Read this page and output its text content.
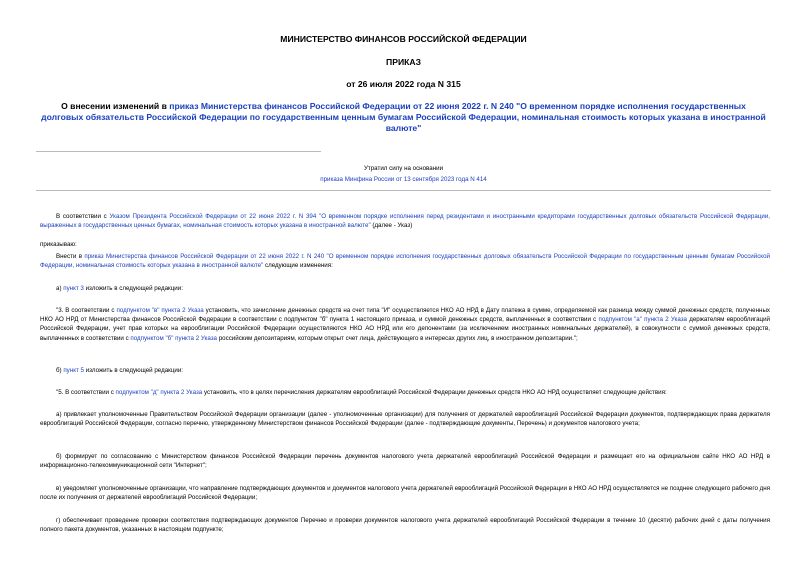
МИНИСТЕРСТВО ФИНАНСОВ РОССИЙСКОЙ ФЕДЕРАЦИИ
ПРИКАЗ
от 26 июля 2022 года N 315
О внесении изменений в приказ Министерства финансов Российской Федерации от 22 июня 2022 г. N 240 "О временном порядке исполнения государственных долговых обязательств Российской Федерации по государственным ценным бумагам Российской Федерации, номинальная стоимость которых указана в иностранной валюте"
Утратил силу на основании
приказа Минфина России от 13 сентября 2023 года N 414
В соответствии с Указом Президента Российской Федерации от 22 июня 2022 г. N 394 "О временном порядке исполнения перед резидентами и иностранными кредиторами государственных долговых обязательств Российской Федерации, выраженных в государственных ценных бумагах, номинальная стоимость которых указана в иностранной валюте" (далее - Указ)
приказываю:
Внести в приказ Министерства финансов Российской Федерации от 22 июня 2022 г. N 240 "О временном порядке исполнения государственных долговых обязательств Российской Федерации по государственным ценным бумагам Российской Федерации, номинальная стоимость которых указана в иностранной валюте" следующие изменения:
а) пункт 3 изложить в следующей редакции:
"3. В соответствии с подпунктом "в" пункта 2 Указа установить, что зачисление денежных средств на счет типа "И" осуществляется НКО АО НРД в Дату платежа в сумме, определяемой как разница между суммой денежных средств, полученных НКО АО НРД от Министерства финансов Российской Федерации в соответствии с подпунктом "б" пункта 1 настоящего приказа, и суммой денежных средств, выплаченных в соответствии с подпунктом "а" пункта 2 Указа держателям еврооблигаций Российской Федерации, учет прав которых на еврооблигации Российской Федерации осуществляются НКО АО НРД или его депонентами (за исключением иностранных номинальных держателей), в совокупности с суммой денежных средств, выплаченных в соответствии с подпунктом "б" пункта 2 Указа российским депозитариям, которым открыт счет лица, действующего в интересах других лиц, в иностранном депозитарии.";
б) пункт 5 изложить в следующей редакции:
"5. В соответствии с подпунктом "д" пункта 2 Указа установить, что в целях перечисления держателям еврооблигаций Российской Федерации денежных средств НКО АО НРД осуществляет следующие действия:
а) привлекает уполномоченные Правительством Российской Федерации организации (далее - уполномоченные организации) для получения от держателей еврооблигаций Российской Федерации документов, подтверждающих права держателя еврооблигаций Российской Федерации, согласно перечню, утвержденному Министерством финансов Российской Федерации (далее - подтверждающие документы, Перечень) и документов налогового учета;
б) формирует по согласованию с Министерством финансов Российской Федерации перечень документов налогового учета держателей еврооблигаций Российской Федерации и размещает его на официальном сайте НКО АО НРД в информационно-телекоммуникационной сети "Интернет";
в) уведомляет уполномоченные организации, что направление подтверждающих документов и документов налогового учета держателей еврооблигаций Российской Федерации в НКО АО НРД осуществляется не позднее следующего рабочего дня после их получения от держателей еврооблигаций Российской Федерации;
г) обеспечивает проведение проверки соответствия подтверждающих документов Перечню и проверки документов налогового учета держателей еврооблигаций Российской Федерации в течение 10 (десяти) рабочих дней с даты получения полного пакета документов, указанных в настоящем подпункте;
